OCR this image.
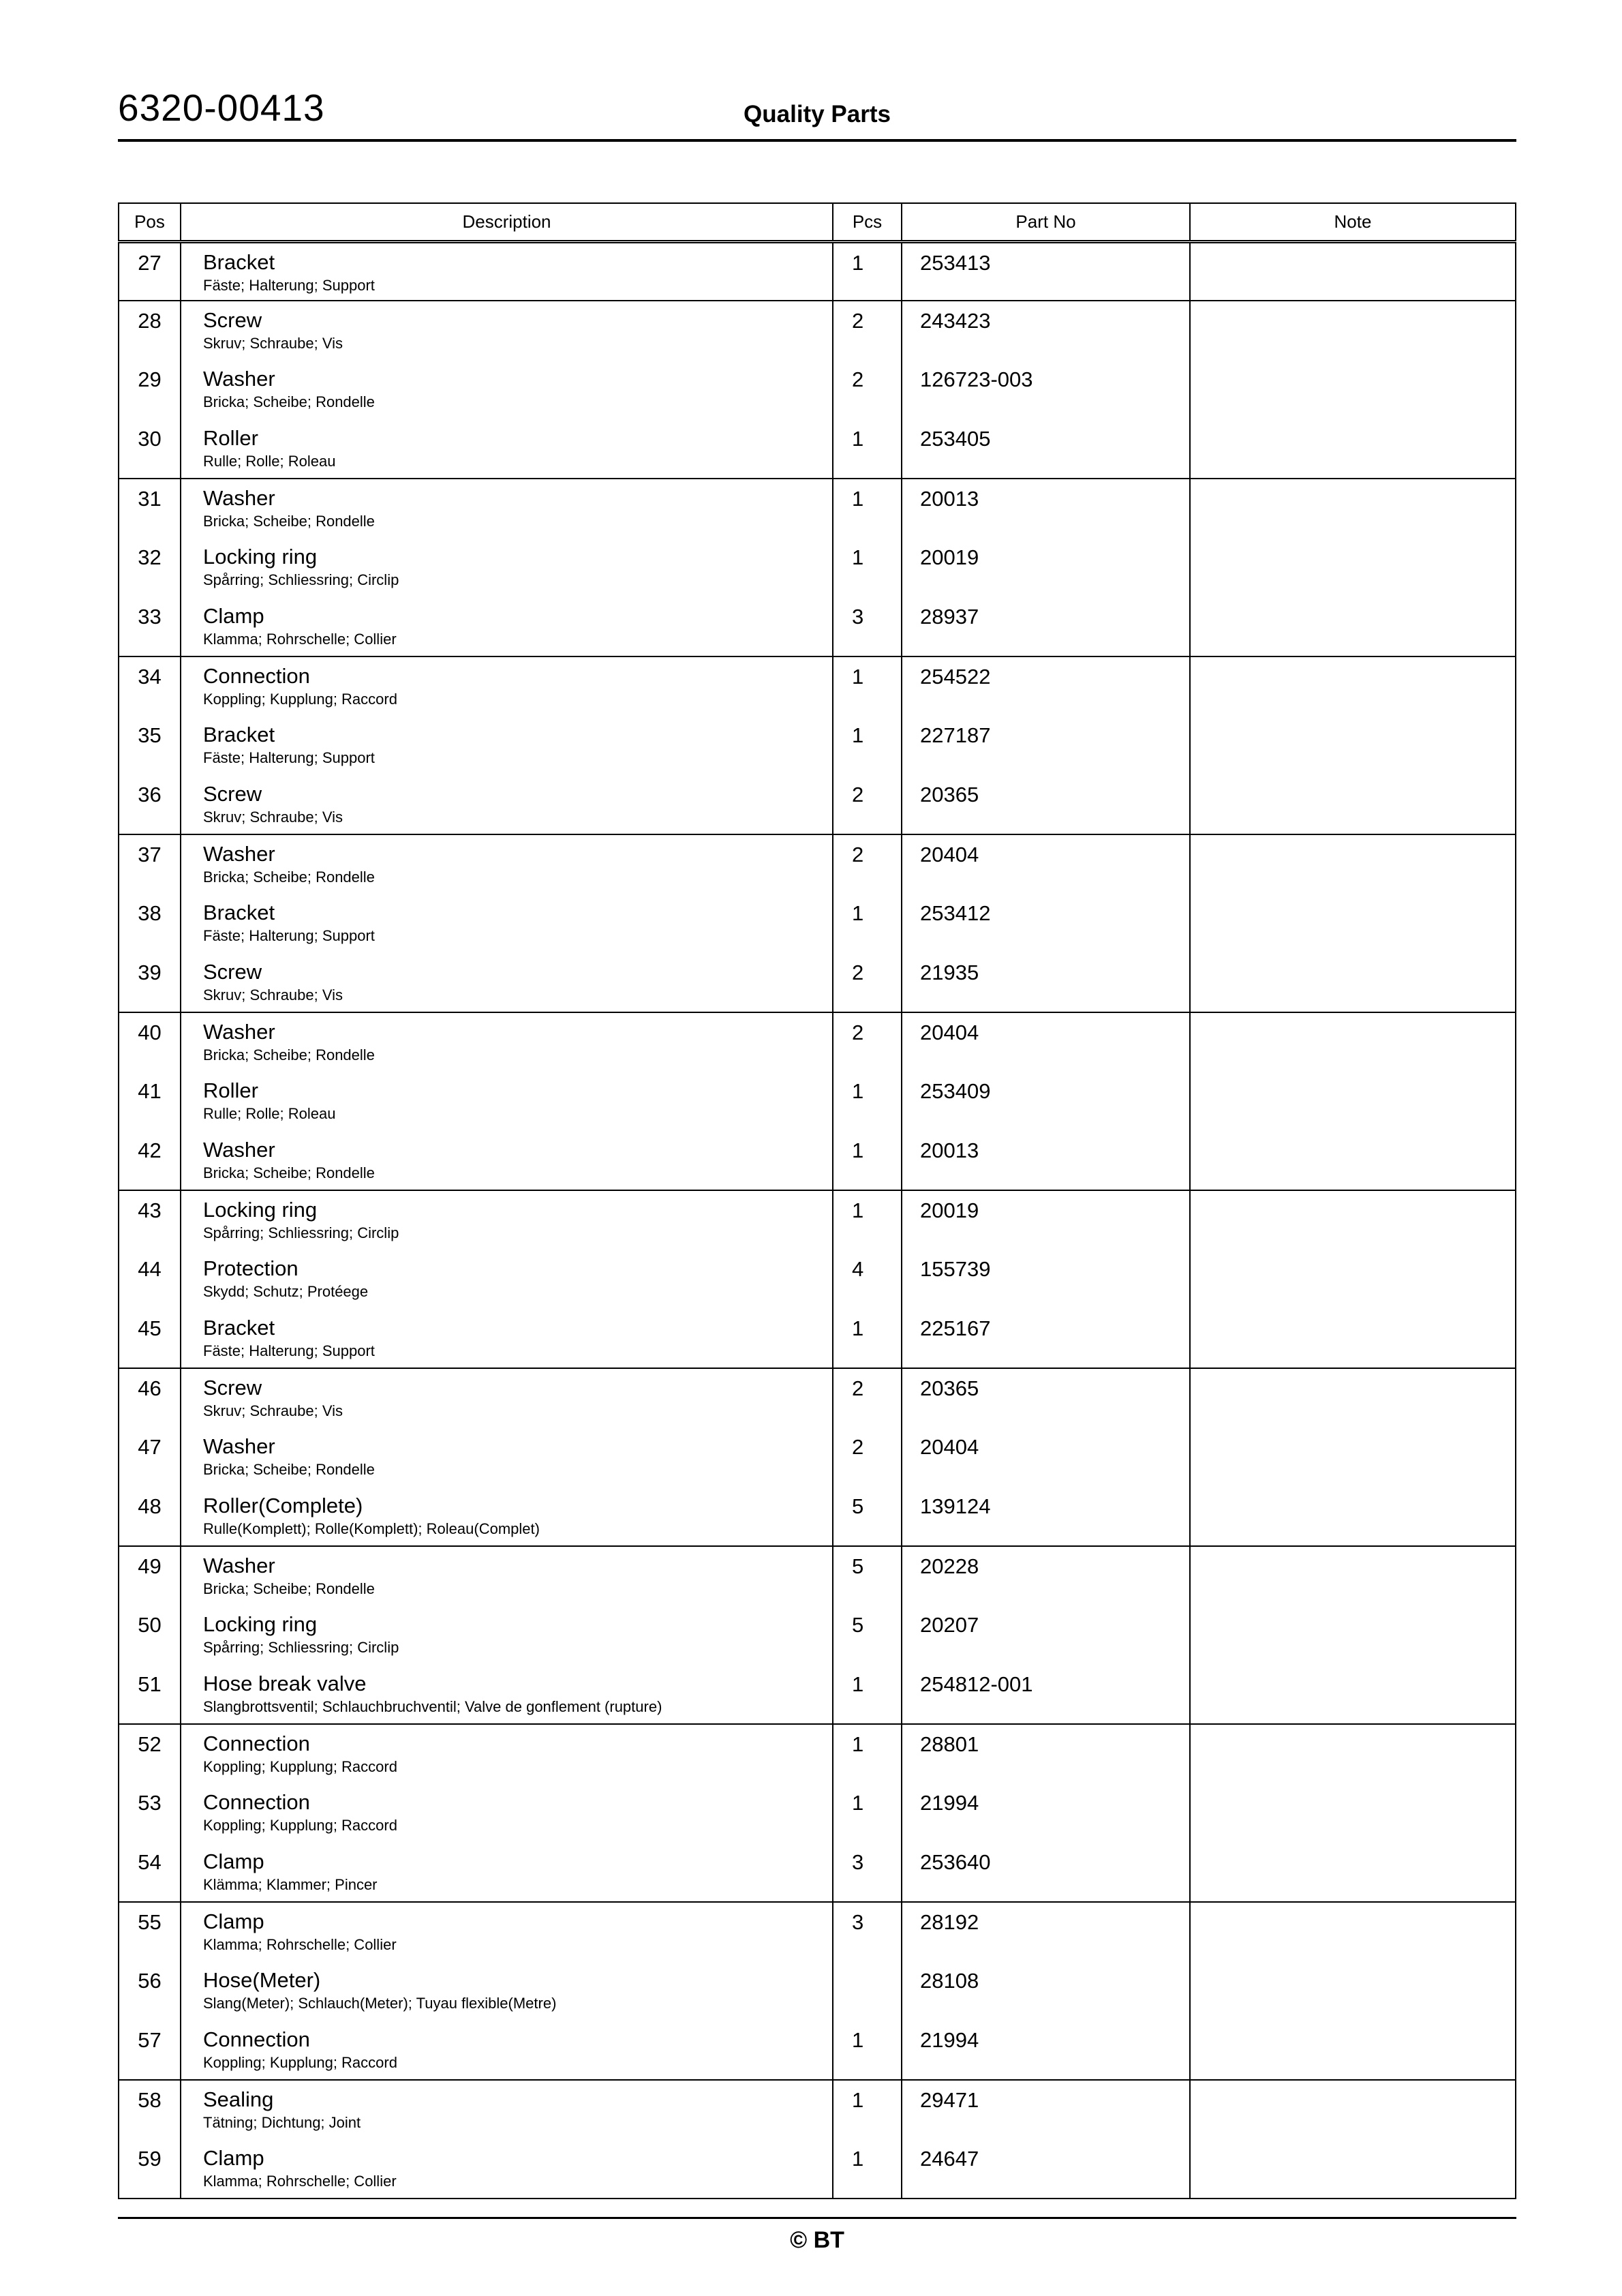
6320-00413	Quality Parts
Pos	Description	Pcs	Part No	Note
27	Bracket
Fäste; Halterung; Support	1	253413	
28	Screw
Skruv; Schraube; Vis	2	243423	
29	Washer
Bricka; Scheibe; Rondelle	2	126723-003	
30	Roller
Rulle; Rolle; Roleau	1	253405	
31	Washer
Bricka; Scheibe; Rondelle	1	20013	
32	Locking ring
Spårring; Schliessring; Circlip	1	20019	
33	Clamp
Klamma; Rohrschelle; Collier	3	28937	
34	Connection
Koppling; Kupplung; Raccord	1	254522	
35	Bracket
Fäste; Halterung; Support	1	227187	
36	Screw
Skruv; Schraube; Vis	2	20365	
37	Washer
Bricka; Scheibe; Rondelle	2	20404	
38	Bracket
Fäste; Halterung; Support	1	253412	
39	Screw
Skruv; Schraube; Vis	2	21935	
40	Washer
Bricka; Scheibe; Rondelle	2	20404	
41	Roller
Rulle; Rolle; Roleau	1	253409	
42	Washer
Bricka; Scheibe; Rondelle	1	20013	
43	Locking ring
Spårring; Schliessring; Circlip	1	20019	
44	Protection
Skydd; Schutz; Protéege	4	155739	
45	Bracket
Fäste; Halterung; Support	1	225167	
46	Screw
Skruv; Schraube; Vis	2	20365	
47	Washer
Bricka; Scheibe; Rondelle	2	20404	
48	Roller(Complete)
Rulle(Komplett); Rolle(Komplett); Roleau(Complet)	5	139124	
49	Washer
Bricka; Scheibe; Rondelle	5	20228	
50	Locking ring
Spårring; Schliessring; Circlip	5	20207	
51	Hose break valve
Slangbrottsventil; Schlauchbruchventil; Valve de gonflement (rupture)	1	254812-001	
52	Connection
Koppling; Kupplung; Raccord	1	28801	
53	Connection
Koppling; Kupplung; Raccord	1	21994	
54	Clamp
Klämma; Klammer; Pincer	3	253640	
55	Clamp
Klamma; Rohrschelle; Collier	3	28192	
56	Hose(Meter)
Slang(Meter); Schlauch(Meter); Tuyau flexible(Metre)		28108	
57	Connection
Koppling; Kupplung; Raccord	1	21994	
58	Sealing
Tätning; Dichtung; Joint	1	29471	
59	Clamp
Klamma; Rohrschelle; Collier	1	24647	
© BT
